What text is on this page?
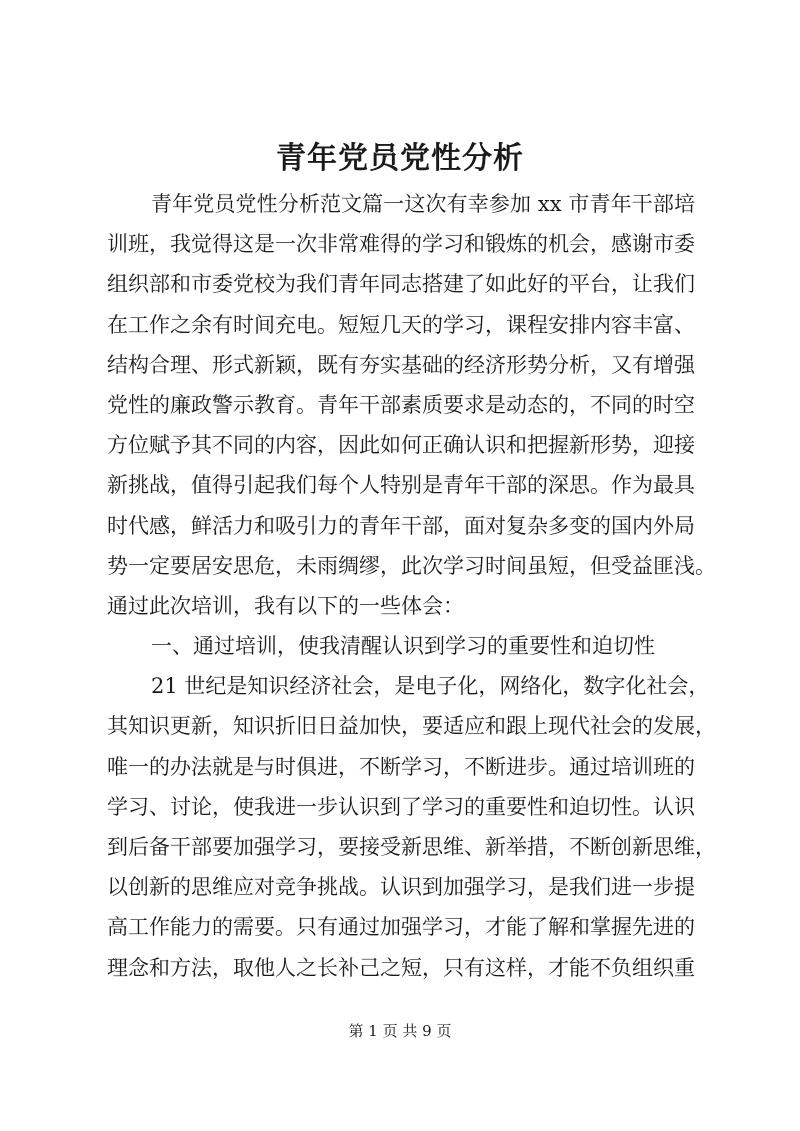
青年党员党性分析
青年党员党性分析范文篇一这次有幸参加 xx 市青年干部培
训班，我觉得这是一次非常难得的学习和锻炼的机会，感谢市委
组织部和市委党校为我们青年同志搭建了如此好的平台，让我们
在工作之余有时间充电。短短几天的学习，课程安排内容丰富、
结构合理、形式新颖，既有夯实基础的经济形势分析，又有增强
党性的廉政警示教育。青年干部素质要求是动态的，不同的时空
方位赋予其不同的内容，因此如何正确认识和把握新形势，迎接
新挑战，值得引起我们每个人特别是青年干部的深思。作为最具
时代感，鲜活力和吸引力的青年干部，面对复杂多变的国内外局
势一定要居安思危，未雨绸缪，此次学习时间虽短，但受益匪浅。
通过此次培训，我有以下的一些体会：
一、通过培训，使我清醒认识到学习的重要性和迫切性
21 世纪是知识经济社会，是电子化，网络化，数字化社会，
其知识更新，知识折旧日益加快，要适应和跟上现代社会的发展，
唯一的办法就是与时俱进，不断学习，不断进步。通过培训班的
学习、讨论，使我进一步认识到了学习的重要性和迫切性。认识
到后备干部要加强学习，要接受新思维、新举措，不断创新思维，
以创新的思维应对竞争挑战。认识到加强学习，是我们进一步提
高工作能力的需要。只有通过加强学习，才能了解和掌握先进的
理念和方法，取他人之长补己之短，只有这样，才能不负组织重

第 1 页 共 9 页
